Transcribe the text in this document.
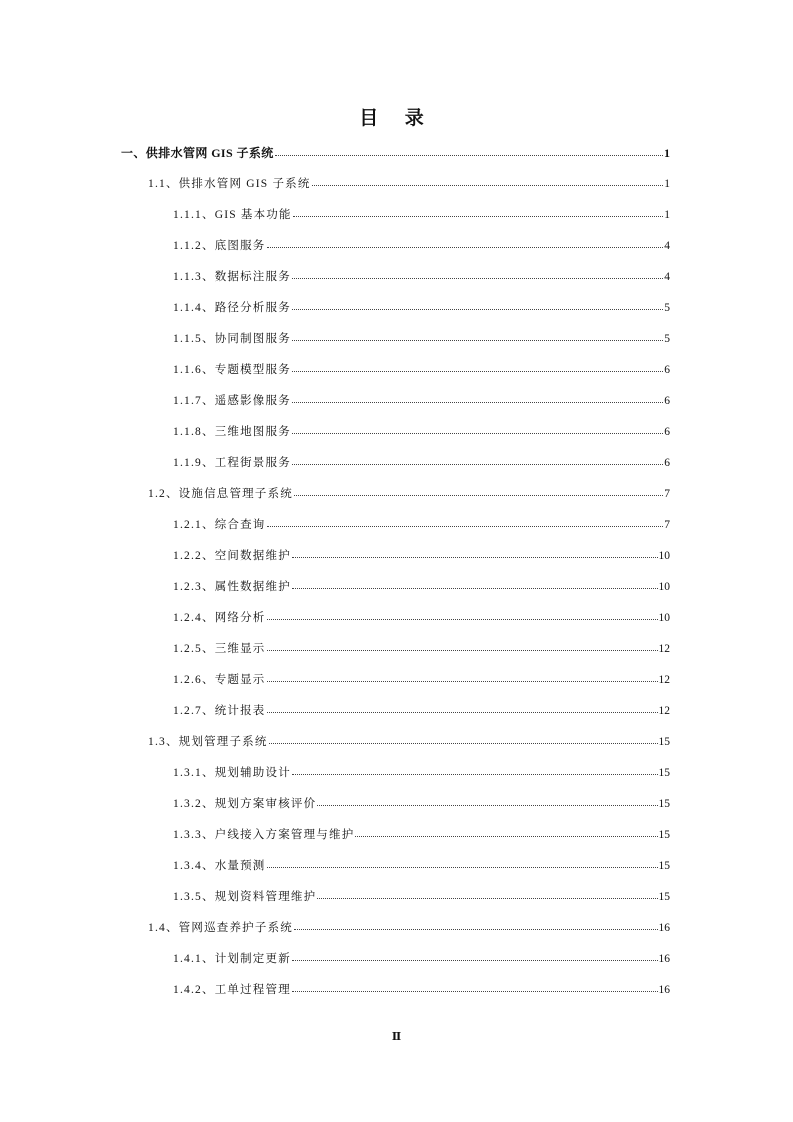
目 录
一、供排水管网 GIS 子系统	1
1.1、供排水管网 GIS 子系统	1
1.1.1、GIS 基本功能	1
1.1.2、底图服务	4
1.1.3、数据标注服务	4
1.1.4、路径分析服务	5
1.1.5、协同制图服务	5
1.1.6、专题模型服务	6
1.1.7、遥感影像服务	6
1.1.8、三维地图服务	6
1.1.9、工程街景服务	6
1.2、设施信息管理子系统	7
1.2.1、综合查询	7
1.2.2、空间数据维护	10
1.2.3、属性数据维护	10
1.2.4、网络分析	10
1.2.5、三维显示	12
1.2.6、专题显示	12
1.2.7、统计报表	12
1.3、规划管理子系统	15
1.3.1、规划辅助设计	15
1.3.2、规划方案审核评价	15
1.3.3、户线接入方案管理与维护	15
1.3.4、水量预测	15
1.3.5、规划资料管理维护	15
1.4、管网巡查养护子系统	16
1.4.1、计划制定更新	16
1.4.2、工单过程管理	16
Ⅱ
